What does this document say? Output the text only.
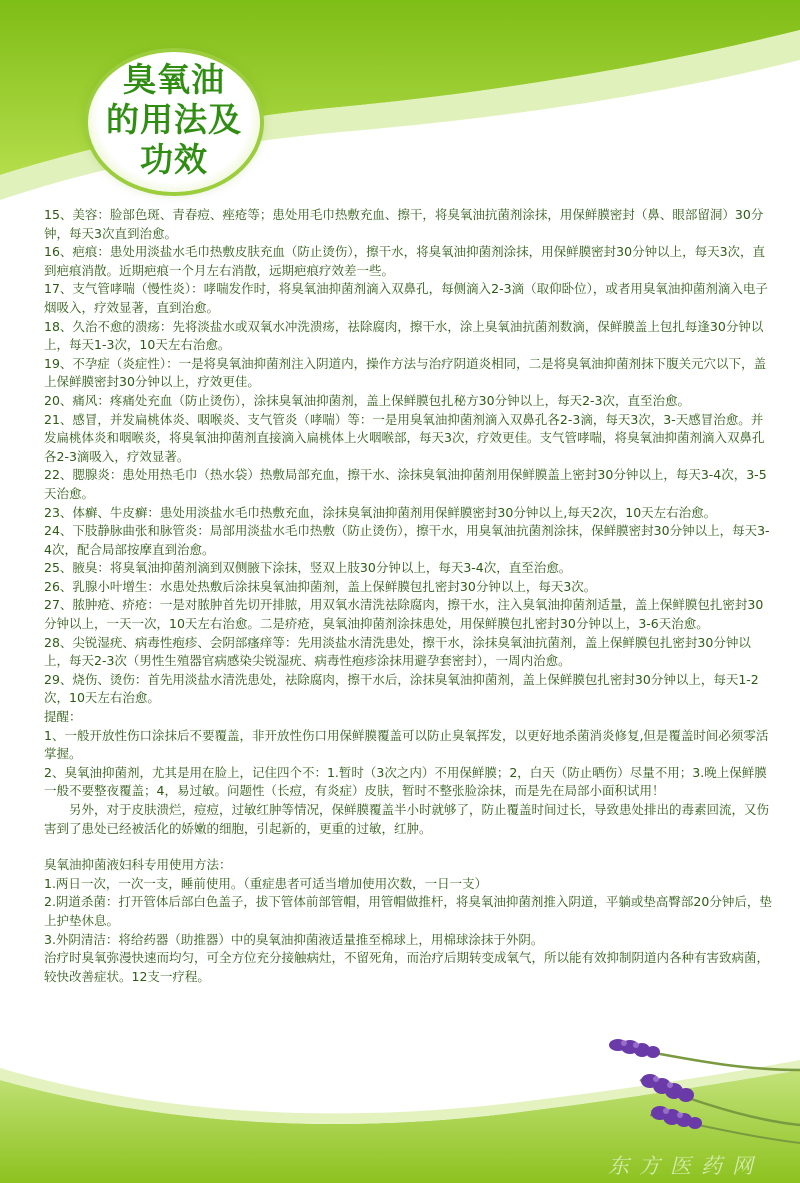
臭氧油
的用法及
功效

15、美容：脸部色斑、青春痘、痤疮等；患处用毛巾热敷充血、擦干，将臭氧油抗菌剂涂抹，用保鲜膜密封（鼻、眼部留洞）30分钟，每天3次直到治愈。

16、疤痕：患处用淡盐水毛巾热敷皮肤充血（防止烫伤），擦干水，将臭氧油抑菌剂涂抹，用保鲜膜密封30分钟以上，每天3次，直到疤痕消散。近期疤痕一个月左右消散，远期疤痕疗效差一些。

17、支气管哮喘（慢性炎）：哮喘发作时，将臭氧油抑菌剂滴入双鼻孔，每侧滴入2-3滴（取仰卧位），或者用臭氧油抑菌剂滴入电子烟吸入，疗效显著，直到治愈。

18、久治不愈的溃疡：先将淡盐水或双氧水冲洗溃疡，祛除腐肉，擦干水，涂上臭氧油抗菌剂数滴，保鲜膜盖上包扎每逢30分钟以上，每天1-3次，10天左右治愈。

19、不孕症（炎症性）：一是将臭氧油抑菌剂注入阴道内，操作方法与治疗阴道炎相同，二是将臭氧油抑菌剂抹下腹关元穴以下，盖上保鲜膜密封30分钟以上，疗效更佳。

20、痛风：疼痛处充血（防止烫伤），涂抹臭氧油抑菌剂，盖上保鲜膜包扎秘方30分钟以上，每天2-3次，直至治愈。

21、感冒，并发扁桃体炎、咽喉炎、支气管炎（哮喘）等：一是用臭氧油抑菌剂滴入双鼻孔各2-3滴，每天3次，3-天感冒治愈。并发扁桃体炎和咽喉炎，将臭氧油抑菌剂直接滴入扁桃体上火咽喉部，每天3次，疗效更佳。支气管哮喘，将臭氧油抑菌剂滴入双鼻孔各2-3滴吸入，疗效显著。

22、腮腺炎：患处用热毛巾（热水袋）热敷局部充血，擦干水、涂抹臭氧油抑菌剂用保鲜膜盖上密封30分钟以上，每天3-4次，3-5天治愈。

23、体癣、牛皮癣：患处用淡盐水毛巾热敷充血，涂抹臭氧油抑菌剂用保鲜膜密封30分钟以上,每天2次，10天左右治愈。

24、下肢静脉曲张和脉管炎：局部用淡盐水毛巾热敷（防止烫伤），擦干水，用臭氧油抗菌剂涂抹，保鲜膜密封30分钟以上，每天3-4次，配合局部按摩直到治愈。

25、腋臭：将臭氧油抑菌剂滴到双侧腋下涂抹，竖双上肢30分钟以上，每天3-4次，直至治愈。

26、乳腺小叶增生：水患处热敷后涂抹臭氧油抑菌剂，盖上保鲜膜包扎密封30分钟以上，每天3次。

27、脓肿疮、疥疮：一是对脓肿首先切开排脓，用双氧水清洗祛除腐肉，擦干水，注入臭氧油抑菌剂适量，盖上保鲜膜包扎密封30分钟以上，一天一次，10天左右治愈。二是疥疮，臭氧油抑菌剂涂抹患处，用保鲜膜包扎密封30分钟以上，3-6天治愈。

28、尖锐湿疣、病毒性疱疹、会阴部瘙痒等：先用淡盐水清洗患处，擦干水，涂抹臭氧油抗菌剂，盖上保鲜膜包扎密封30分钟以上，每天2-3次（男性生殖器官病感染尖锐湿疣、病毒性疱疹涂抹用避孕套密封），一周内治愈。

29、烧伤、烫伤：首先用淡盐水清洗患处，祛除腐肉，擦干水后，涂抹臭氧油抑菌剂，盖上保鲜膜包扎密封30分钟以上，每天1-2次，10天左右治愈。

提醒：

1、一般开放性伤口涂抹后不要覆盖，非开放性伤口用保鲜膜覆盖可以防止臭氧挥发，以更好地杀菌消炎修复,但是覆盖时间必须零活掌握。

2、臭氧油抑菌剂，尤其是用在脸上，记住四个不：1.暂时（3次之内）不用保鲜膜；2，白天（防止晒伤）尽量不用；3.晚上保鲜膜一般不要整夜覆盖；4，易过敏。问题性（长痘，有炎症）皮肤，暂时不整张脸涂抹，而是先在局部小面积试用！

另外，对于皮肤溃烂，痘痘，过敏红肿等情况，保鲜膜覆盖半小时就够了，防止覆盖时间过长，导致患处排出的毒素回流，又伤害到了患处已经被活化的娇嫩的细胞，引起新的，更重的过敏，红肿。

臭氧油抑菌液妇科专用使用方法：

1.两日一次，一次一支，睡前使用。（重症患者可适当增加使用次数，一日一支）

2.阴道杀菌：打开管体后部白色盖子，拔下管体前部管帽，用管帽做推杆，将臭氧油抑菌剂推入阴道，平躺或垫高臀部20分钟后，垫上护垫休息。

3.外阴清洁：将给药器（助推器）中的臭氧油抑菌液适量推至棉球上，用棉球涂抹于外阴。

治疗时臭氧弥漫快速而均匀，可全方位充分接触病灶，不留死角，而治疗后期转变成氧气，所以能有效抑制阴道内各种有害致病菌，较快改善症状。12支一疗程。

东方医药网
